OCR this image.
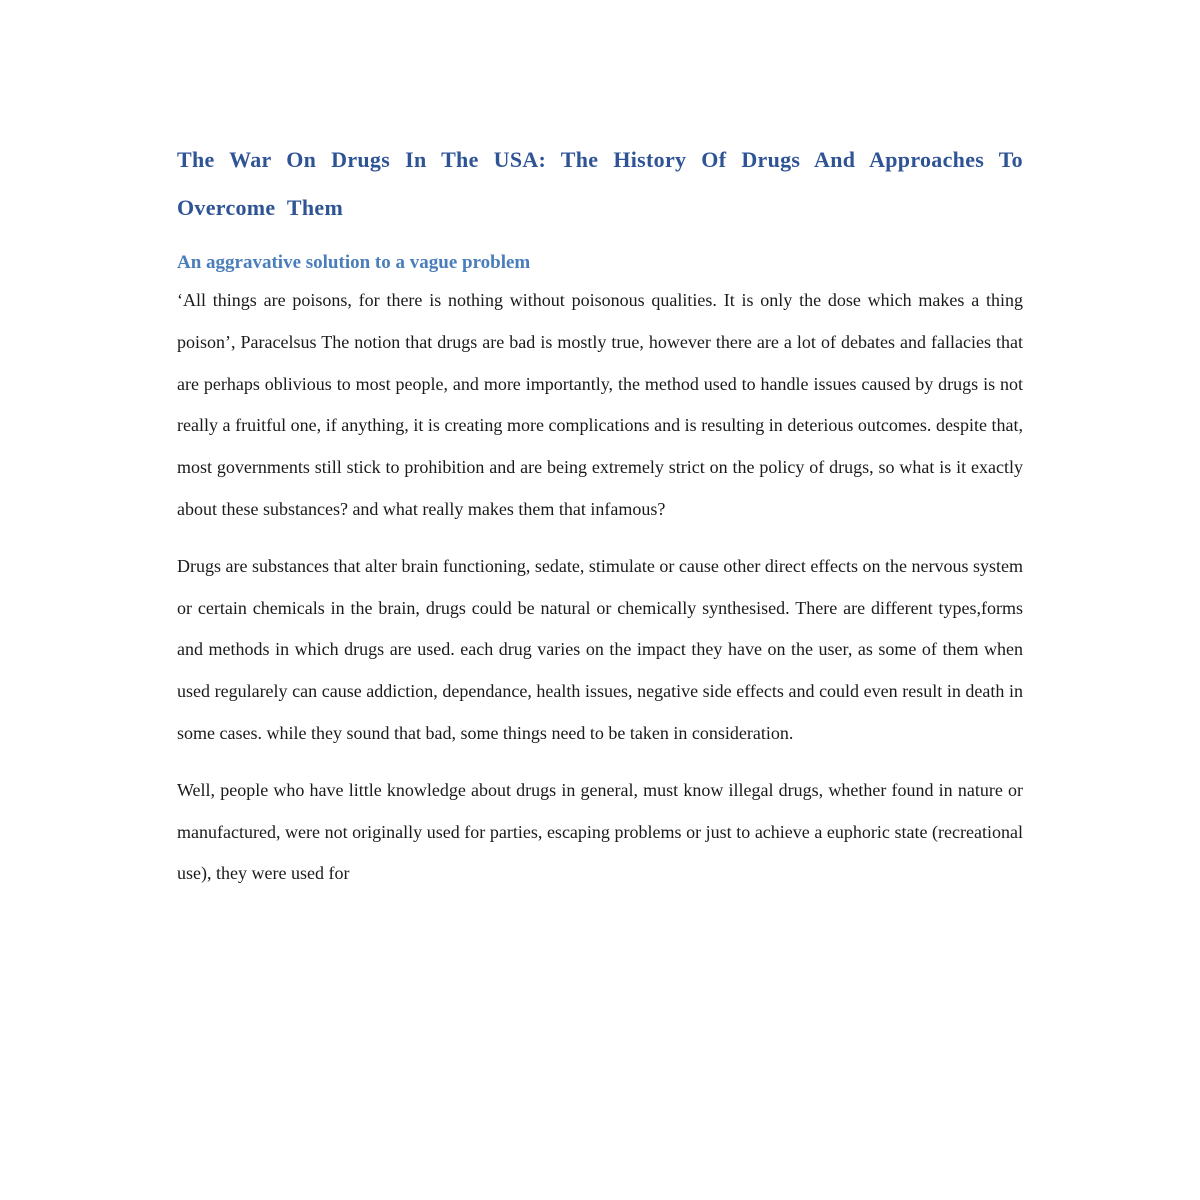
The War On Drugs In The USA: The History Of Drugs And Approaches To Overcome Them
An aggravative solution to a vague problem

‘All things are poisons, for there is nothing without poisonous qualities. It is only the dose which makes a thing poison’, Paracelsus The notion that drugs are bad is mostly true, however there are a lot of debates and fallacies that are perhaps oblivious to most people, and more importantly, the method used to handle issues caused by drugs is not really a fruitful one, if anything, it is creating more complications and is resulting in deterious outcomes. despite that, most governments still stick to prohibition and are being extremely strict on the policy of drugs, so what is it exactly about these substances? and what really makes them that infamous?

Drugs are substances that alter brain functioning, sedate, stimulate or cause other direct effects on the nervous system or certain chemicals in the brain, drugs could be natural or chemically synthesised. There are different types,forms and methods in which drugs are used. each drug varies on the impact they have on the user, as some of them when used regularely can cause addiction, dependance, health issues, negative side effects and could even result in death in some cases. while they sound that bad, some things need to be taken in consideration.

Well, people who have little knowledge about drugs in general, must know illegal drugs, whether found in nature or manufactured, were not originally used for parties, escaping problems or just to achieve a euphoric state (recreational use), they were used for
